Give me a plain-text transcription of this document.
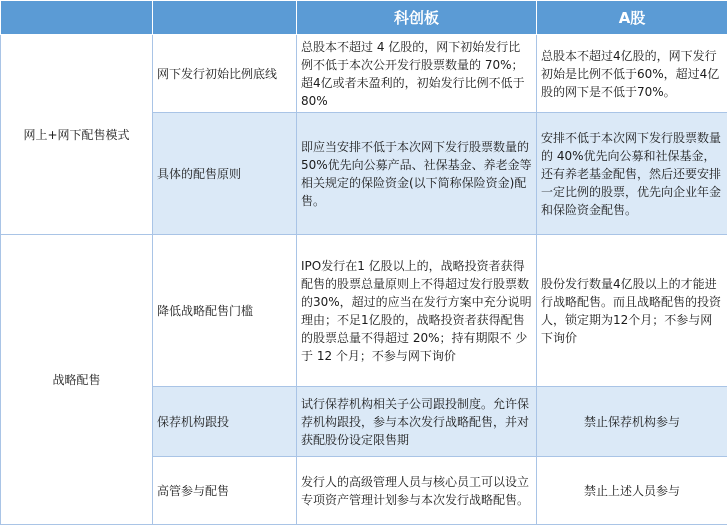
		科创板	A股
网上+网下配售模式	网下发行初始比例底线	总股本不超过 4 亿股的，网下初始发行比例不低于本次公开发行股票数量的 70%；超4亿或者未盈利的，初始发行比例不低于80%	总股本不超过4亿股的，网下发行初始是比例不低于60%，超过4亿股的网下是不低于70%。
	具体的配售原则	即应当安排不低于本次网下发行股票数量的 50%优先向公募产品、社保基金、养老金等相关规定的保险资金(以下简称保险资金)配售。	安排不低于本次网下发行股票数量的 40%优先向公募和社保基金，还有养老基金配售，然后还要安排一定比例的股票，优先向企业年金和保险资金配售。
战略配售	降低战略配售门槛	IPO发行在1 亿股以上的，战略投资者获得配售的股票总量原则上不得超过发行股票数的30%，超过的应当在发行方案中充分说明理由；不足1亿股的，战略投资者获得配售的股票总量不得超过 20%；持有期限不 少于 12 个月；不参与网下询价	股份发行数量4亿股以上的才能进行战略配售。而且战略配售的投资人，锁定期为12个月；不参与网下询价
	保荐机构跟投	试行保荐机构相关子公司跟投制度。允许保荐机构跟投，参与本次发行战略配售，并对获配股份设定限售期	禁止保荐机构参与
	高管参与配售	发行人的高级管理人员与核心员工可以设立 专项资产管理计划参与本次发行战略配售。	禁止上述人员参与
